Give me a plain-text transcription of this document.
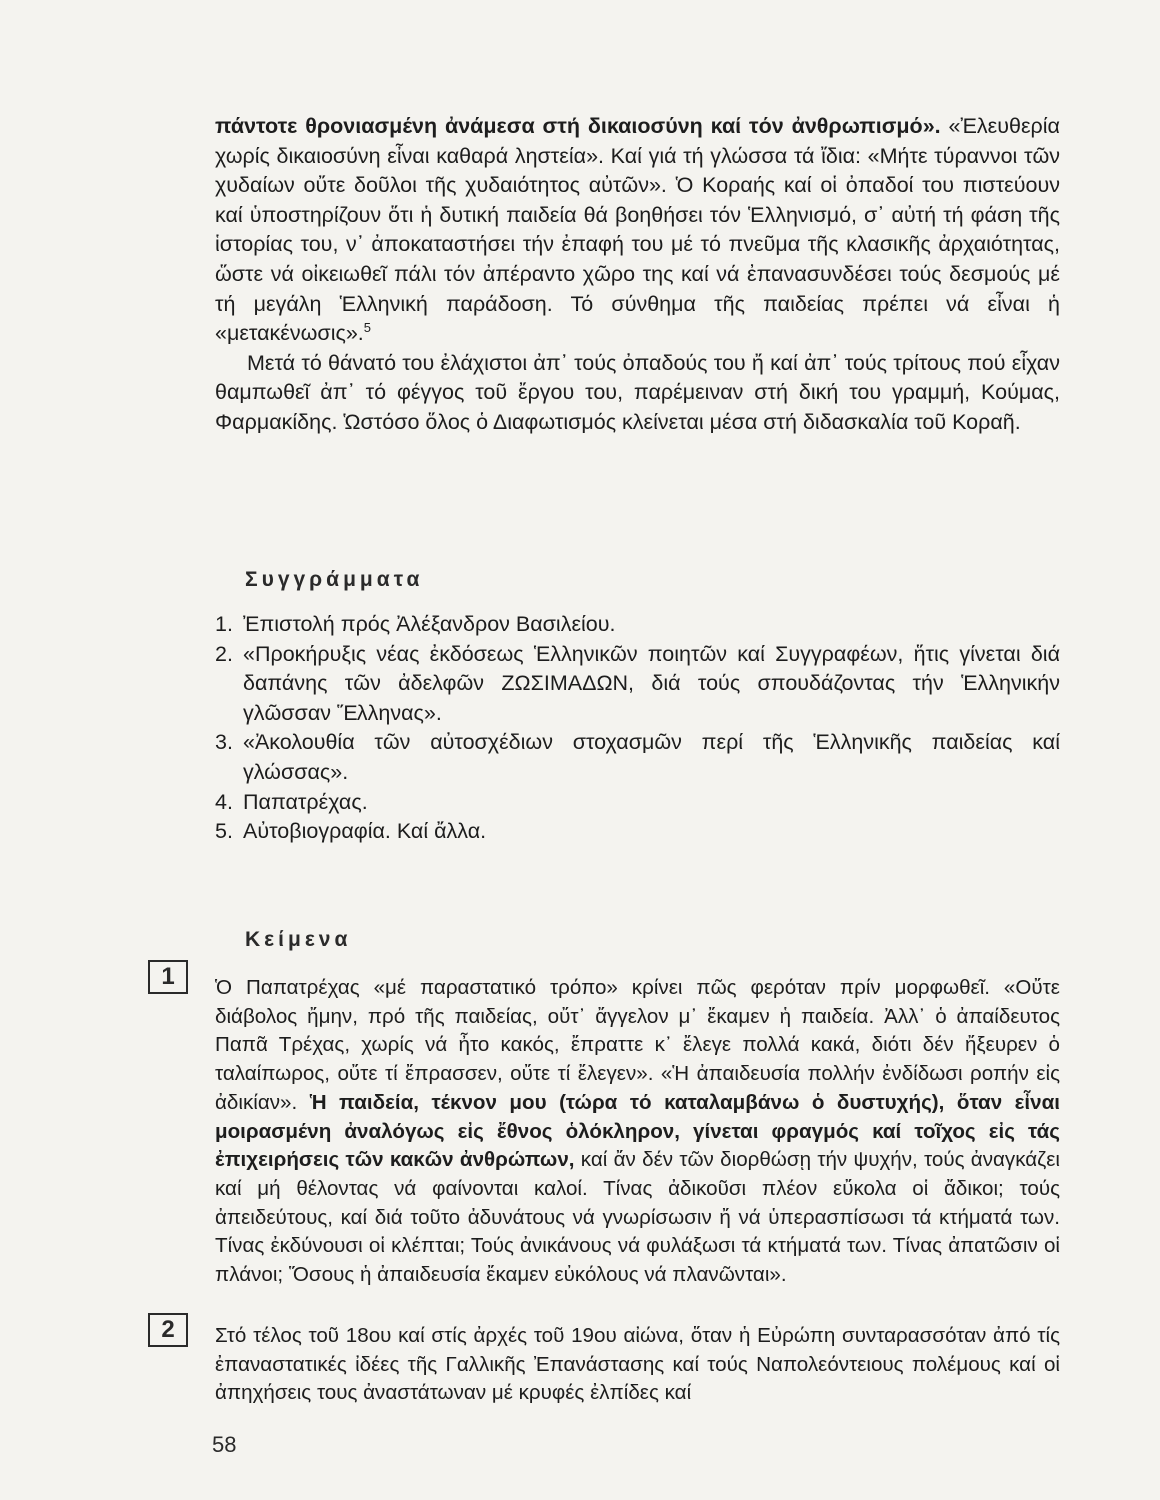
πάντοτε θρονιασμένη ἀνάμεσα στή δικαιοσύνη καί τόν ἀνθρωπισμό». «Ἐλευθερία χωρίς δικαιοσύνη εἶναι καθαρά ληστεία». Καί γιά τή γλώσσα τά ἴδια: «Μήτε τύραννοι τῶν χυδαίων οὔτε δοῦλοι τῆς χυδαιότητος αὐτῶν». Ὁ Κοραής καί οἱ ὀπαδοί του πιστεύουν καί ὑποστηρίζουν ὅτι ἡ δυτική παιδεία θά βοηθήσει τόν Ἑλληνισμό, σ᾽ αὐτή τή φάση τῆς ἱστορίας του, ν᾽ ἀποκαταστήσει τήν ἐπαφή του μέ τό πνεῦμα τῆς κλασικῆς ἀρχαιότητας, ὥστε νά οἰκειωθεῖ πάλι τόν ἀπέραντο χῶρο της καί νά ἐπανασυνδέσει τούς δεσμούς μέ τή μεγάλη Ἑλληνική παράδοση. Τό σύνθημα τῆς παιδείας πρέπει νά εἶναι ἡ «μετακένωσις».$^5$

Μετά τό θάνατό του ἐλάχιστοι ἀπ᾽ τούς ὀπαδούς του ἤ καί ἀπ᾽ τούς τρίτους πού εἶχαν θαμπωθεῖ ἀπ᾽ τό φέγγος τοῦ ἔργου του, παρέμειναν στή δική του γραμμή, Κούμας, Φαρμακίδης. Ὡστόσο ὅλος ὁ Διαφωτισμός κλείνεται μέσα στή διδασκαλία τοῦ Κοραῆ.

Συγγράμματα
1. Ἐπιστολή πρός Ἀλέξανδρον Βασιλείου.
2. «Προκήρυξις νέας ἐκδόσεως Ἑλληνικῶν ποιητῶν καί Συγγραφέων, ἥτις γίνεται διά δαπάνης τῶν ἀδελφῶν ΖΩΣΙΜΑΔΩΝ, διά τούς σπουδάζοντας τήν Ἑλληνικήν γλῶσσαν Ἕλληνας».
3. «Ἀκολουθία τῶν αὐτοσχέδιων στοχασμῶν περί τῆς Ἑλληνικῆς παιδείας καί γλώσσας».
4. Παπατρέχας.
5. Αὐτοβιογραφία. Καί ἄλλα.
Κείμενα
1	Ὁ Παπατρέχας «μέ παραστατικό τρόπο» κρίνει πῶς φερόταν πρίν μορφωθεῖ. «Οὔτε διάβολος ἤμην, πρό τῆς παιδείας, οὔτ᾽ ἄγγελον μ᾽ ἔκαμεν ἡ παιδεία. Ἀλλ᾽ ὁ ἀπαίδευτος Παπᾶ Τρέχας, χωρίς νά ἦτο κακός, ἔπραττε κ᾽ ἔλεγε πολλά κακά, διότι δέν ἤξευρεν ὁ ταλαίπωρος, οὔτε τί ἔπρασσεν, οὔτε τί ἔλεγεν». «Ἡ ἀπαιδευσία πολλήν ἐνδίδωσι ροπήν εἰς ἀδικίαν». Ἡ παιδεία, τέκνον μου (τώρα τό καταλαμβάνω ὁ δυστυχής), ὅταν εἶναι μοιρασμένη ἀναλόγως εἰς ἔθνος ὁλόκληρον, γίνεται φραγμός καί τοῖχος εἰς τάς ἐπιχειρήσεις τῶν κακῶν ἀνθρώπων, καί ἄν δέν τῶν διορθώσῃ τήν ψυχήν, τούς ἀναγκάζει καί μή θέλοντας νά φαίνονται καλοί. Τίνας ἀδικοῦσι πλέον εὔκολα οἱ ἄδικοι; τούς ἀπειδεύτους, καί διά τοῦτο ἀδυνάτους νά γνωρίσωσιν ἤ νά ὑπερασπίσωσι τά κτήματά των. Τίνας ἐκδύνουσι οἱ κλέπται; Τούς ἀνικάνους νά φυλάξωσι τά κτήματά των. Τίνας ἀπατῶσιν οἱ πλάνοι; Ὅσους ἡ ἀπαιδευσία ἔκαμεν εὐκόλους νά πλανῶνται».

2	Στό τέλος τοῦ 18ου καί στίς ἀρχές τοῦ 19ου αἰώνα, ὅταν ἡ Εὐρώπη συνταρασσόταν ἀπό τίς ἐπαναστατικές ἰδέες τῆς Γαλλικῆς Ἐπανάστασης καί τούς Ναπολεόντειους πολέμους καί οἱ ἀπηχήσεις τους ἀναστάτωναν μέ κρυφές ἐλπίδες καί

58
